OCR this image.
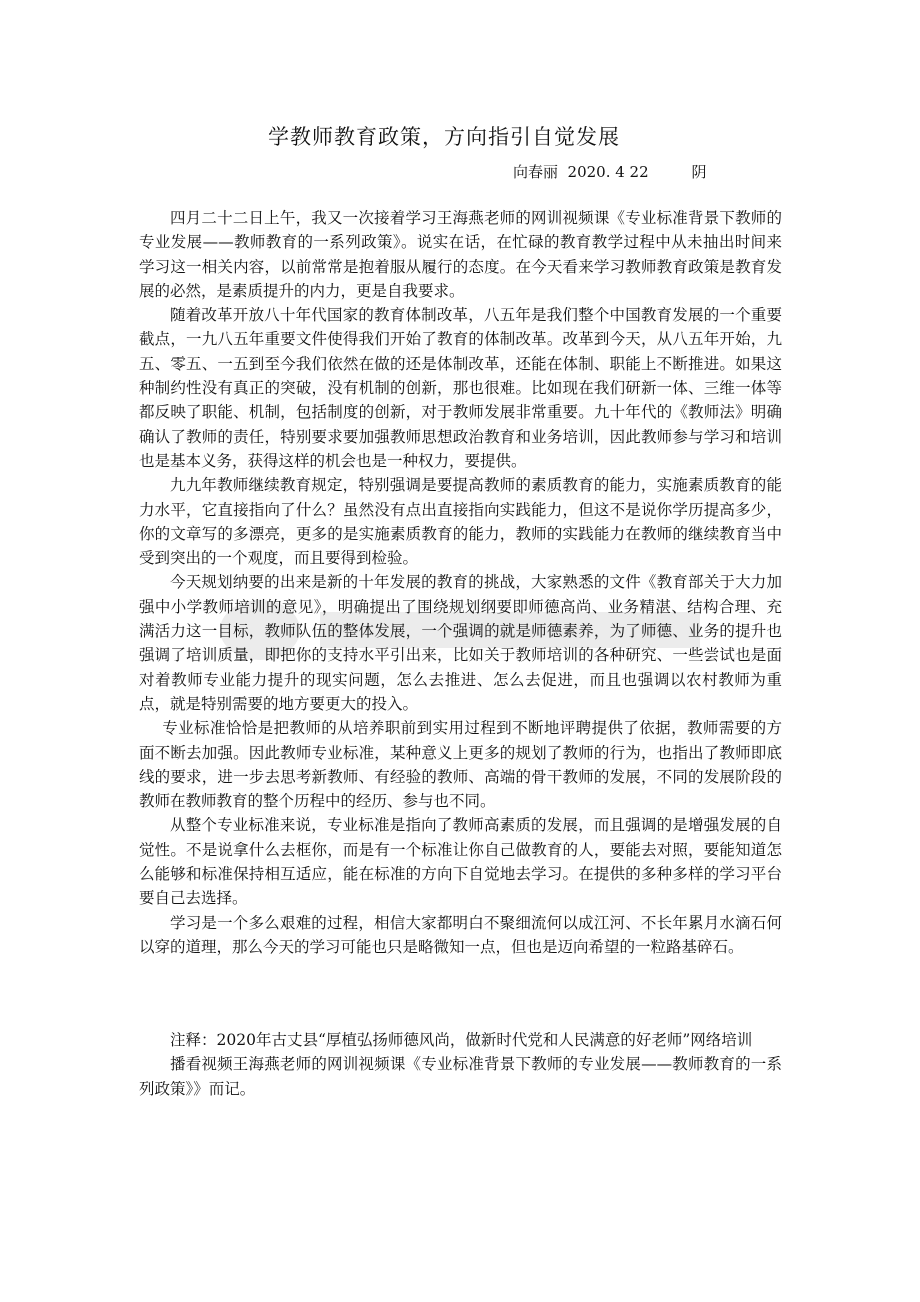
学教师教育政策，方向指引自觉发展
向春丽  2020. 4 22         阴

四月二十二日上午，我又一次接着学习王海燕老师的网训视频课《专业标准背景下教师的专业发展——教师教育的一系列政策》。说实在话，在忙碌的教育教学过程中从未抽出时间来学习这一相关内容，以前常常是抱着服从履行的态度。在今天看来学习教师教育政策是教育发展的必然，是素质提升的内力，更是自我要求。

随着改革开放八十年代国家的教育体制改革，八五年是我们整个中国教育发展的一个重要截点，一九八五年重要文件使得我们开始了教育的体制改革。改革到今天，从八五年开始，九五、零五、一五到至今我们依然在做的还是体制改革，还能在体制、职能上不断推进。如果这种制约性没有真正的突破，没有机制的创新，那也很难。比如现在我们研新一体、三维一体等都反映了职能、机制，包括制度的创新，对于教师发展非常重要。九十年代的《教师法》明确确认了教师的责任，特别要求要加强教师思想政治教育和业务培训，因此教师参与学习和培训也是基本义务，获得这样的机会也是一种权力，要提供。

九九年教师继续教育规定，特别强调是要提高教师的素质教育的能力，实施素质教育的能力水平，它直接指向了什么？虽然没有点出直接指向实践能力，但这不是说你学历提高多少，你的文章写的多漂亮，更多的是实施素质教育的能力，教师的实践能力在教师的继续教育当中受到突出的一个观度，而且要得到检验。

今天规划纳要的出来是新的十年发展的教育的挑战，大家熟悉的文件《教育部关于大力加强中小学教师培训的意见》，明确提出了围绕规划纲要即师德高尚、业务精湛、结构合理、充满活力这一目标，教师队伍的整体发展，一个强调的就是师德素养，为了师德、业务的提升也强调了培训质量，即把你的支持水平引出来，比如关于教师培训的各种研究、一些尝试也是面对着教师专业能力提升的现实问题，怎么去推进、怎么去促进，而且也强调以农村教师为重点，就是特别需要的地方要更大的投入。

专业标准恰恰是把教师的从培养职前到实用过程到不断地评聘提供了依据，教师需要的方面不断去加强。因此教师专业标准，某种意义上更多的规划了教师的行为，也指出了教师即底线的要求，进一步去思考新教师、有经验的教师、高端的骨干教师的发展，不同的发展阶段的教师在教师教育的整个历程中的经历、参与也不同。

从整个专业标准来说，专业标准是指向了教师高素质的发展，而且强调的是增强发展的自觉性。不是说拿什么去框你，而是有一个标准让你自己做教育的人，要能去对照，要能知道怎么能够和标准保持相互适应，能在标准的方向下自觉地去学习。在提供的多种多样的学习平台要自己去选择。

学习是一个多么艰难的过程，相信大家都明白不聚细流何以成江河、不长年累月水滴石何以穿的道理，那么今天的学习可能也只是略微知一点，但也是迈向希望的一粒路基碎石。

注释：2020年古丈县“厚植弘扬师德风尚，做新时代党和人民满意的好老师”网络培训

播看视频王海燕老师的网训视频课《专业标准背景下教师的专业发展——教师教育的一系列政策》》而记。
